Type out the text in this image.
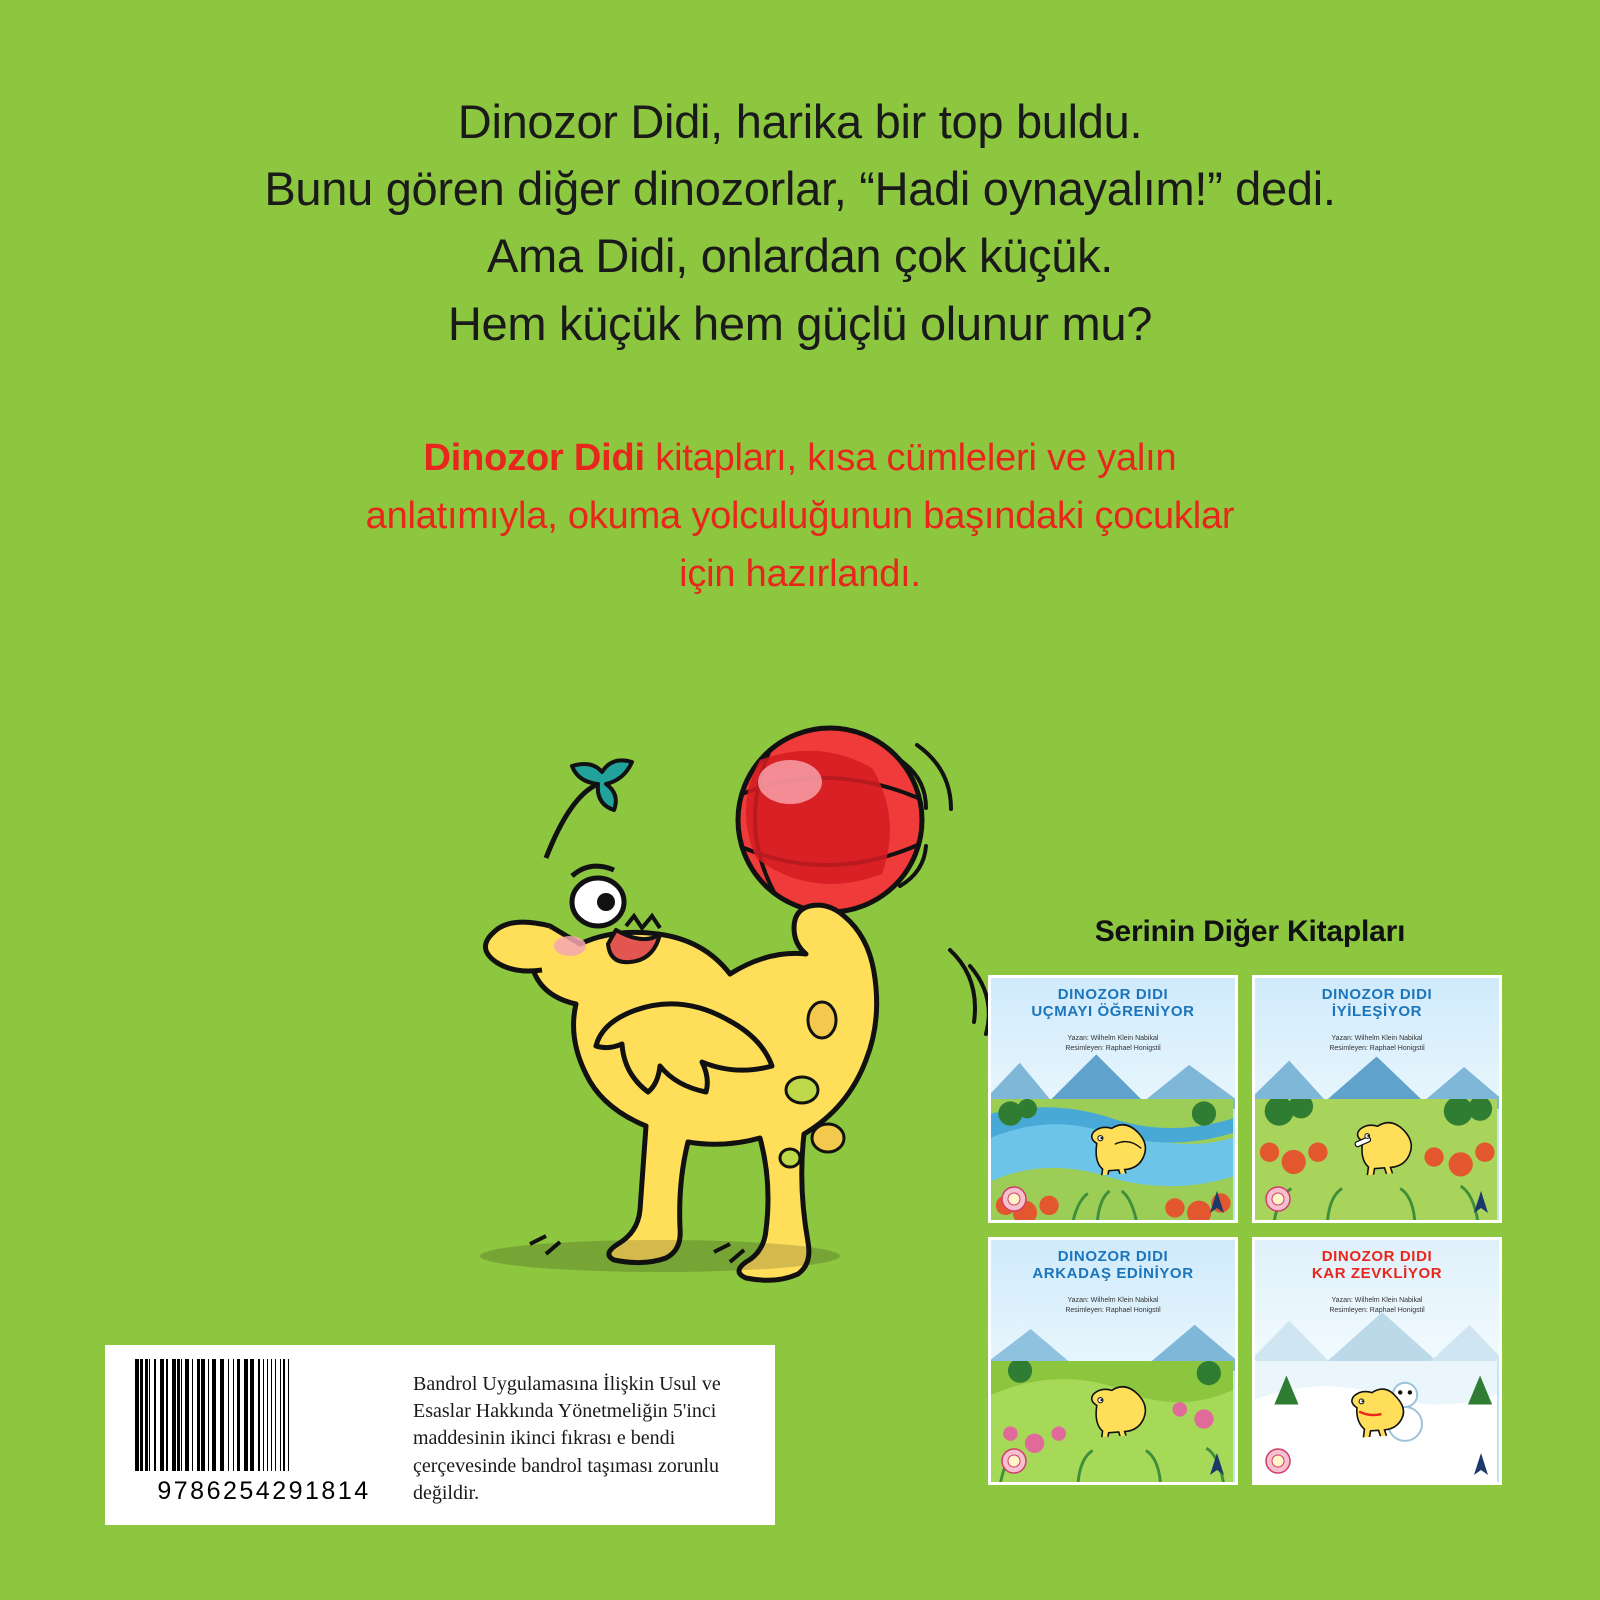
Dinozor Didi, harika bir top buldu.
Bunu gören diğer dinozorlar, “Hadi oynayalım!” dedi.
Ama Didi, onlardan çok küçük.
Hem küçük hem güçlü olunur mu?
Dinozor Didi kitapları, kısa cümleleri ve yalın anlatımıyla, okuma yolculuğunun başındaki çocuklar için hazırlandı.
Serinin Diğer Kitapları
DINOZOR DIDI
UÇMAYI ÖĞRENİYOR
Yazan: Wilhelm Klein Nabikal
Resimleyen: Raphael Honigstil
DINOZOR DIDI
İYİLEŞİYOR
Yazan: Wilhelm Klein Nabikal
Resimleyen: Raphael Honigstil
DINOZOR DIDI
ARKADAŞ EDİNİYOR
Yazan: Wilhelm Klein Nabikal
Resimleyen: Raphael Honigstil
DINOZOR DIDI
KAR ZEVKLİYOR
Yazan: Wilhelm Klein Nabikal
Resimleyen: Raphael Honigstil
9786254291814
Bandrol Uygulamasına İlişkin Usul ve Esaslar Hakkında Yönetmeliğin 5'inci maddesinin ikinci fıkrası e bendi çerçevesinde bandrol taşıması zorunlu değildir.
